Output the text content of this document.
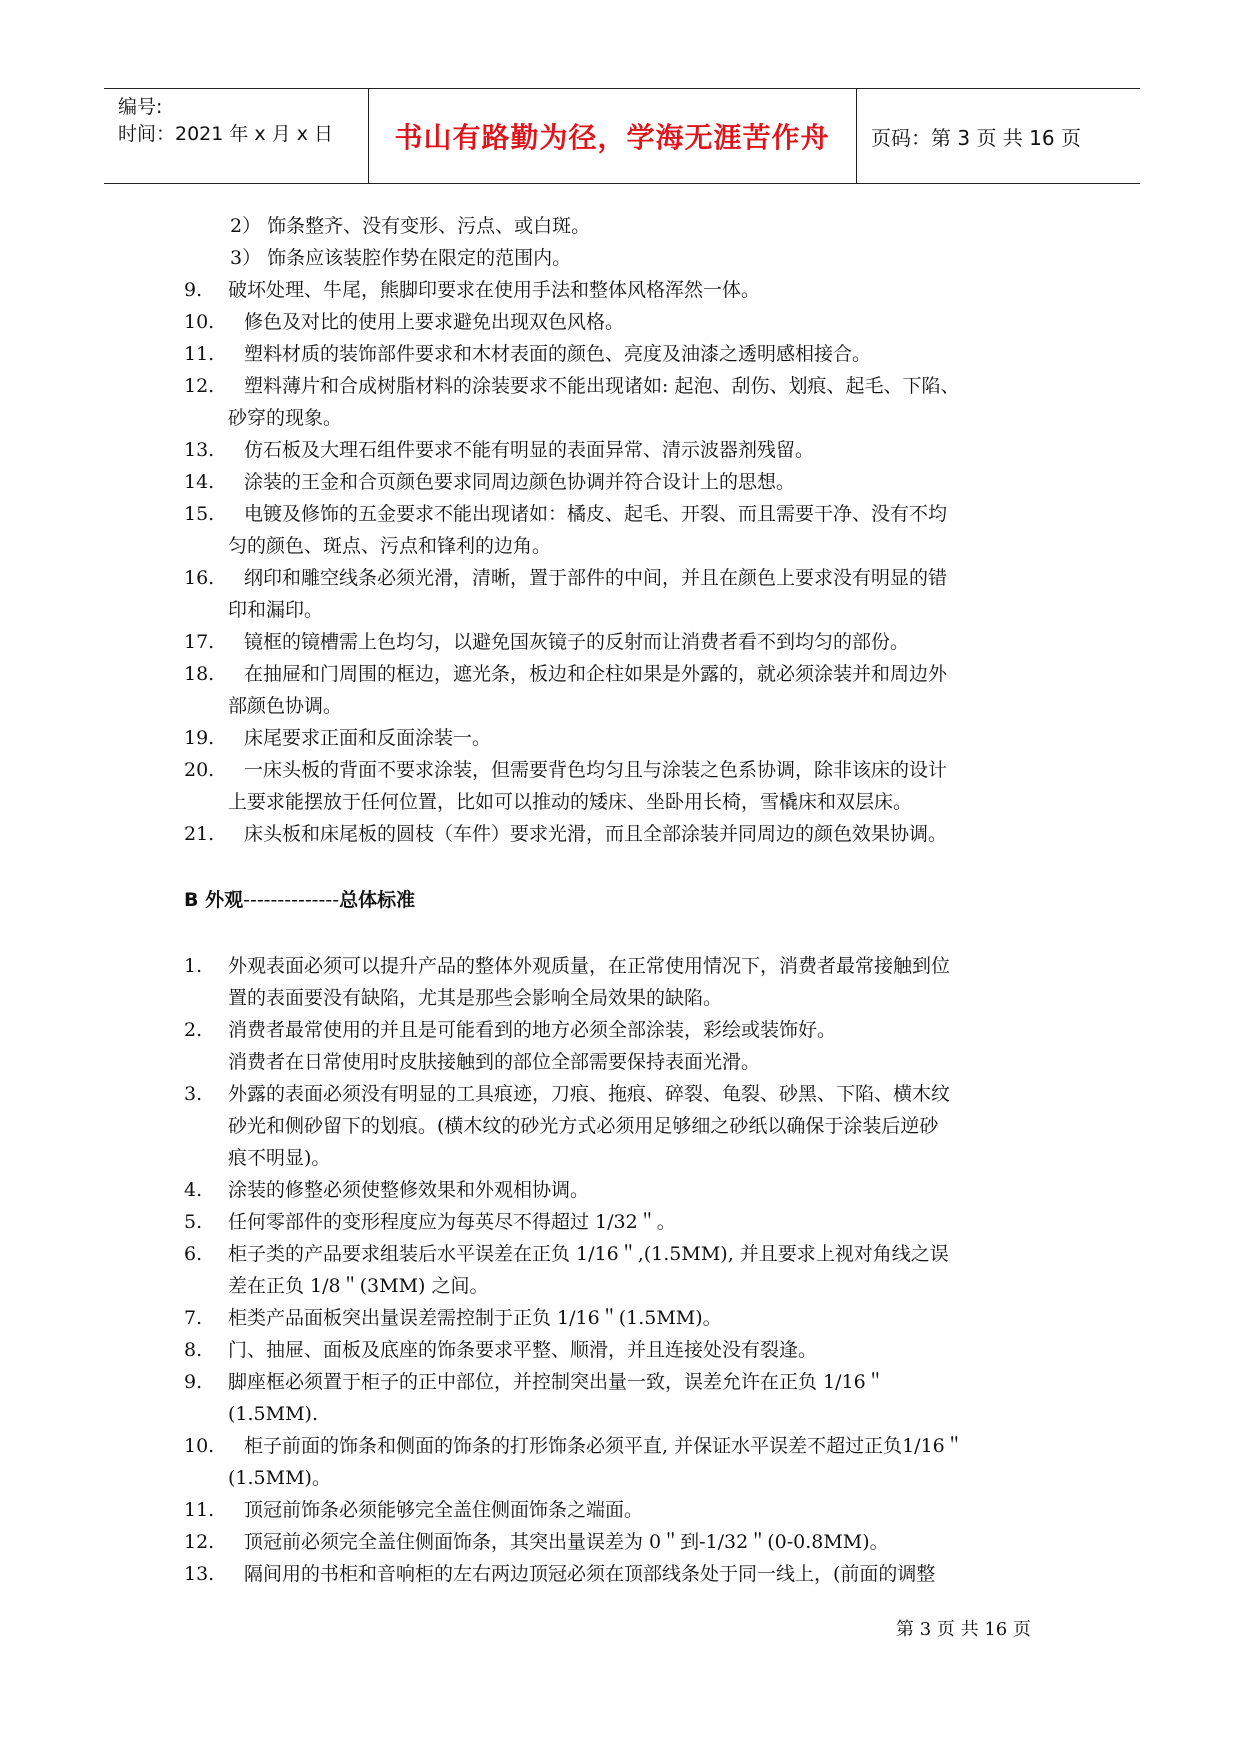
编号:
时间：2021 年 x 月 x 日 书山有路勤为径，学海无涯苦作舟 页码：第 3 页 共 16 页
2） 饰条整齐、没有变形、污点、或白斑。
3） 饰条应该装腔作势在限定的范围内。
9. 破坏处理、牛尾，熊脚印要求在使用手法和整体风格浑然一体。
10. 修色及对比的使用上要求避免出现双色风格。
11. 塑料材质的装饰部件要求和木材表面的颜色、亮度及油漆之透明感相接合。
12. 塑料薄片和合成树脂材料的涂装要求不能出现诸如: 起泡、刮伤、划痕、起毛、下陷、
砂穿的现象。
13. 仿石板及大理石组件要求不能有明显的表面异常、清示波器剂残留。
14. 涂装的王金和合页颜色要求同周边颜色协调并符合设计上的思想。
15. 电镀及修饰的五金要求不能出现诸如：橘皮、起毛、开裂、而且需要干净、没有不均
匀的颜色、斑点、污点和锋利的边角。
16. 纲印和雕空线条必须光滑，清晰，置于部件的中间，并且在颜色上要求没有明显的错
印和漏印。
17. 镜框的镜槽需上色均匀，以避免国灰镜子的反射而让消费者看不到均匀的部份。
18. 在抽屉和门周围的框边，遮光条，板边和企柱如果是外露的，就必须涂装并和周边外
部颜色协调。
19. 床尾要求正面和反面涂装一。
20. 一床头板的背面不要求涂装，但需要背色均匀且与涂装之色系协调，除非该床的设计
上要求能摆放于任何位置，比如可以推动的矮床、坐卧用长椅，雪橇床和双层床。
21. 床头板和床尾板的圆枝（车件）要求光滑，而且全部涂装并同周边的颜色效果协调。
B 外观--------------总体标准
1. 外观表面必须可以提升产品的整体外观质量，在正常使用情况下，消费者最常接触到位
置的表面要没有缺陷，尤其是那些会影响全局效果的缺陷。
2. 消费者最常使用的并且是可能看到的地方必须全部涂装，彩绘或装饰好。
消费者在日常使用时皮肤接触到的部位全部需要保持表面光滑。
3. 外露的表面必须没有明显的工具痕迹，刀痕、拖痕、碎裂、龟裂、砂黑、下陷、横木纹
砂光和侧砂留下的划痕。(横木纹的砂光方式必须用足够细之砂纸以确保于涂装后逆砂
痕不明显)。
4. 涂装的修整必须使整修效果和外观相协调。
5. 任何零部件的变形程度应为每英尽不得超过 1/32＂。
6. 柜子类的产品要求组装后水平误差在正负 1/16＂,(1.5MM), 并且要求上视对角线之误
差在正负 1/8＂(3MM) 之间。
7. 柜类产品面板突出量误差需控制于正负 1/16＂(1.5MM)。
8. 门、抽屉、面板及底座的饰条要求平整、顺滑，并且连接处没有裂逢。
9. 脚座框必须置于柜子的正中部位，并控制突出量一致，误差允许在正负 1/16＂
(1.5MM).
10. 柜子前面的饰条和侧面的饰条的打形饰条必须平直, 并保证水平误差不超过正负1/16＂
(1.5MM)。
11. 顶冠前饰条必须能够完全盖住侧面饰条之端面。
12. 顶冠前必须完全盖住侧面饰条，其突出量误差为 0＂到-1/32＂(0-0.8MM)。
13. 隔间用的书柜和音响柜的左右两边顶冠必须在顶部线条处于同一线上，(前面的调整
第 3 页 共 16 页
